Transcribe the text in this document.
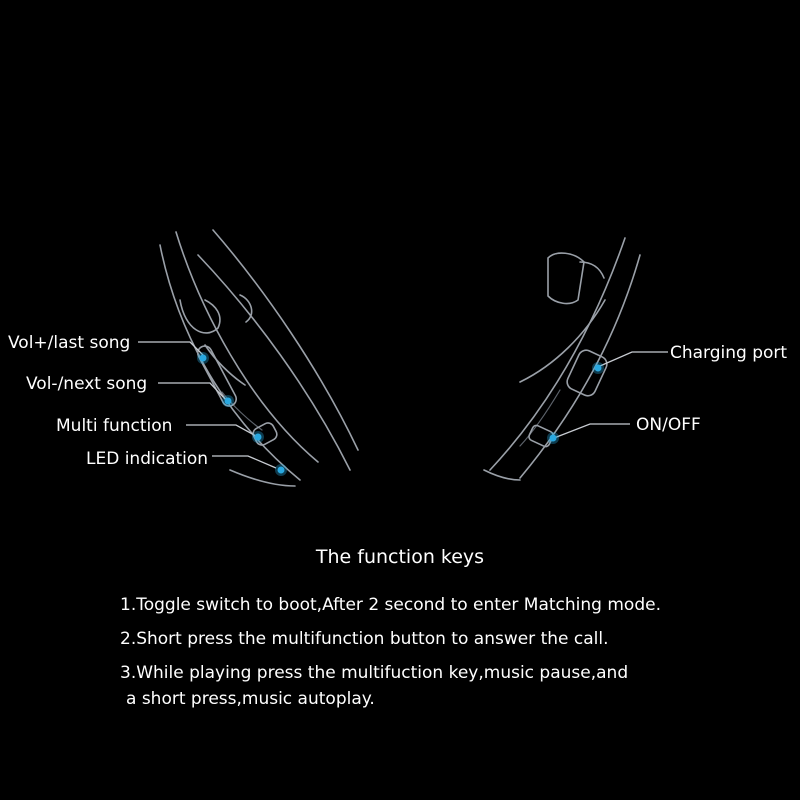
Vol+/last song
Vol-/next song
Multi function
LED indication
Charging port
ON/OFF
The function keys
1.Toggle switch to boot,After 2 second to enter Matching mode.
2.Short press the multifunction button to answer the call.
3.While playing press the multifuction key,music pause,and
a short press,music autoplay.
